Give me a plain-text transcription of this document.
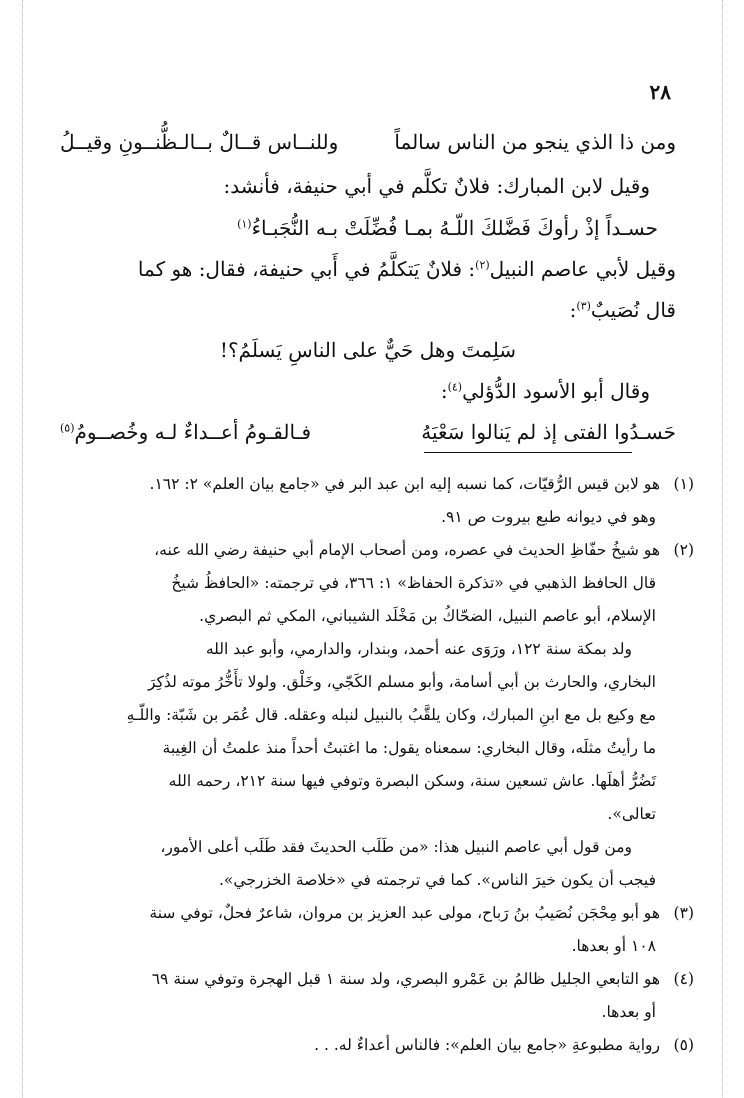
٢٨
ومن ذا الذي ينجو من الناس سالماً
وللنــاس قــالٌ بــالـظُّنــونِ وقيــلُ
وقيل لابن المبارك: فلانٌ تكلَّم في أبي حنيفة، فأنشد:
حسـداً إذْ رأوكَ فَضَّلكَ اللّـهُ بمـا فُضِّلَتْ بـه النُّجَبـاءُ$^{(١)}$
وقيل لأبي عاصم النبيل$^{(٢)}$: فلانٌ يَتكلَّمُ في أَبي حنيفة، فقال: هو كما
قال نُصَيبٌ$^{(٣)}$:
سَلِمتَ وهل حَيٌّ على الناسِ يَسلَمُ؟!
وقال أبو الأسود الدُّؤلي$^{(٤)}$:
حَسـدُوا الفتى إذ لم يَنالوا سَعْيَهُ
فـالقـومُ أعــداءٌ لـه وخُصــومُ$^{(٥)}$
(١)هو لابن قيس الرُّقيّات، كما نسبه إليه ابن عبد البر في «جامع بيان العلم» ٢: ١٦٢.
وهو في ديوانه طبع بيروت ص ٩١.
(٢)هو شيخُ حفّاظِ الحديث في عصره، ومن أصحاب الإمام أبي حنيفة رضي الله عنه،
قال الحافظ الذهبي في «تذكرة الحفاظ» ١: ٣٦٦، في ترجمته: «الحافظُ شيخُ
الإسلام، أبو عاصم النبيل، الضحّاكُ بن مَخْلَد الشيباني، المكي ثم البصري.
ولد بمكة سنة ١٢٢، ورَوَى عنه أحمد، وبندار، والدارمي، وأبو عبد الله
البخاري، والحارث بن أبي أسامة، وأبو مسلم الكَجّي، وخَلْق. ولولا تأَخُّرُ موته لذُكِرَ
مع وكيع بل مع ابنِ المبارك، وكان يلقَّبُ بالنبيل لنبله وعقله. قال عُمَر بن شَبّة: واللّـهِ
ما رأيتُ مثلَه، وقال البخاري: سمعناه يقول: ما اغتبتُ أحداً منذ علمتُ أن الغِيبة
تَضُرُّ أهلَها. عاش تسعين سنة، وسكن البصرة وتوفي فيها سنة ٢١٢، رحمه الله
تعالى».
ومن قول أبي عاصم النبيل هذا: «من طَلَب الحديثَ فقد طَلَب أعلى الأمور،
فيجب أن يكون خيرَ الناس». كما في ترجمته في «خلاصة الخزرجي».
(٣)هو أبو مِحْجَن نُصَيبُ بنُ رَباح، مولى عبد العزيز بن مروان، شاعرٌ فحلٌ، توفي سنة
١٠٨ أو بعدها.
(٤)هو التابعي الجليل ظالمُ بن عَمْرو البصري، ولد سنة ١ قبل الهجرة وتوفي سنة ٦٩
أو بعدها.
(٥)رواية مطبوعةِ «جامع بيان العلم»: فالناس أعداءٌ له. . .
